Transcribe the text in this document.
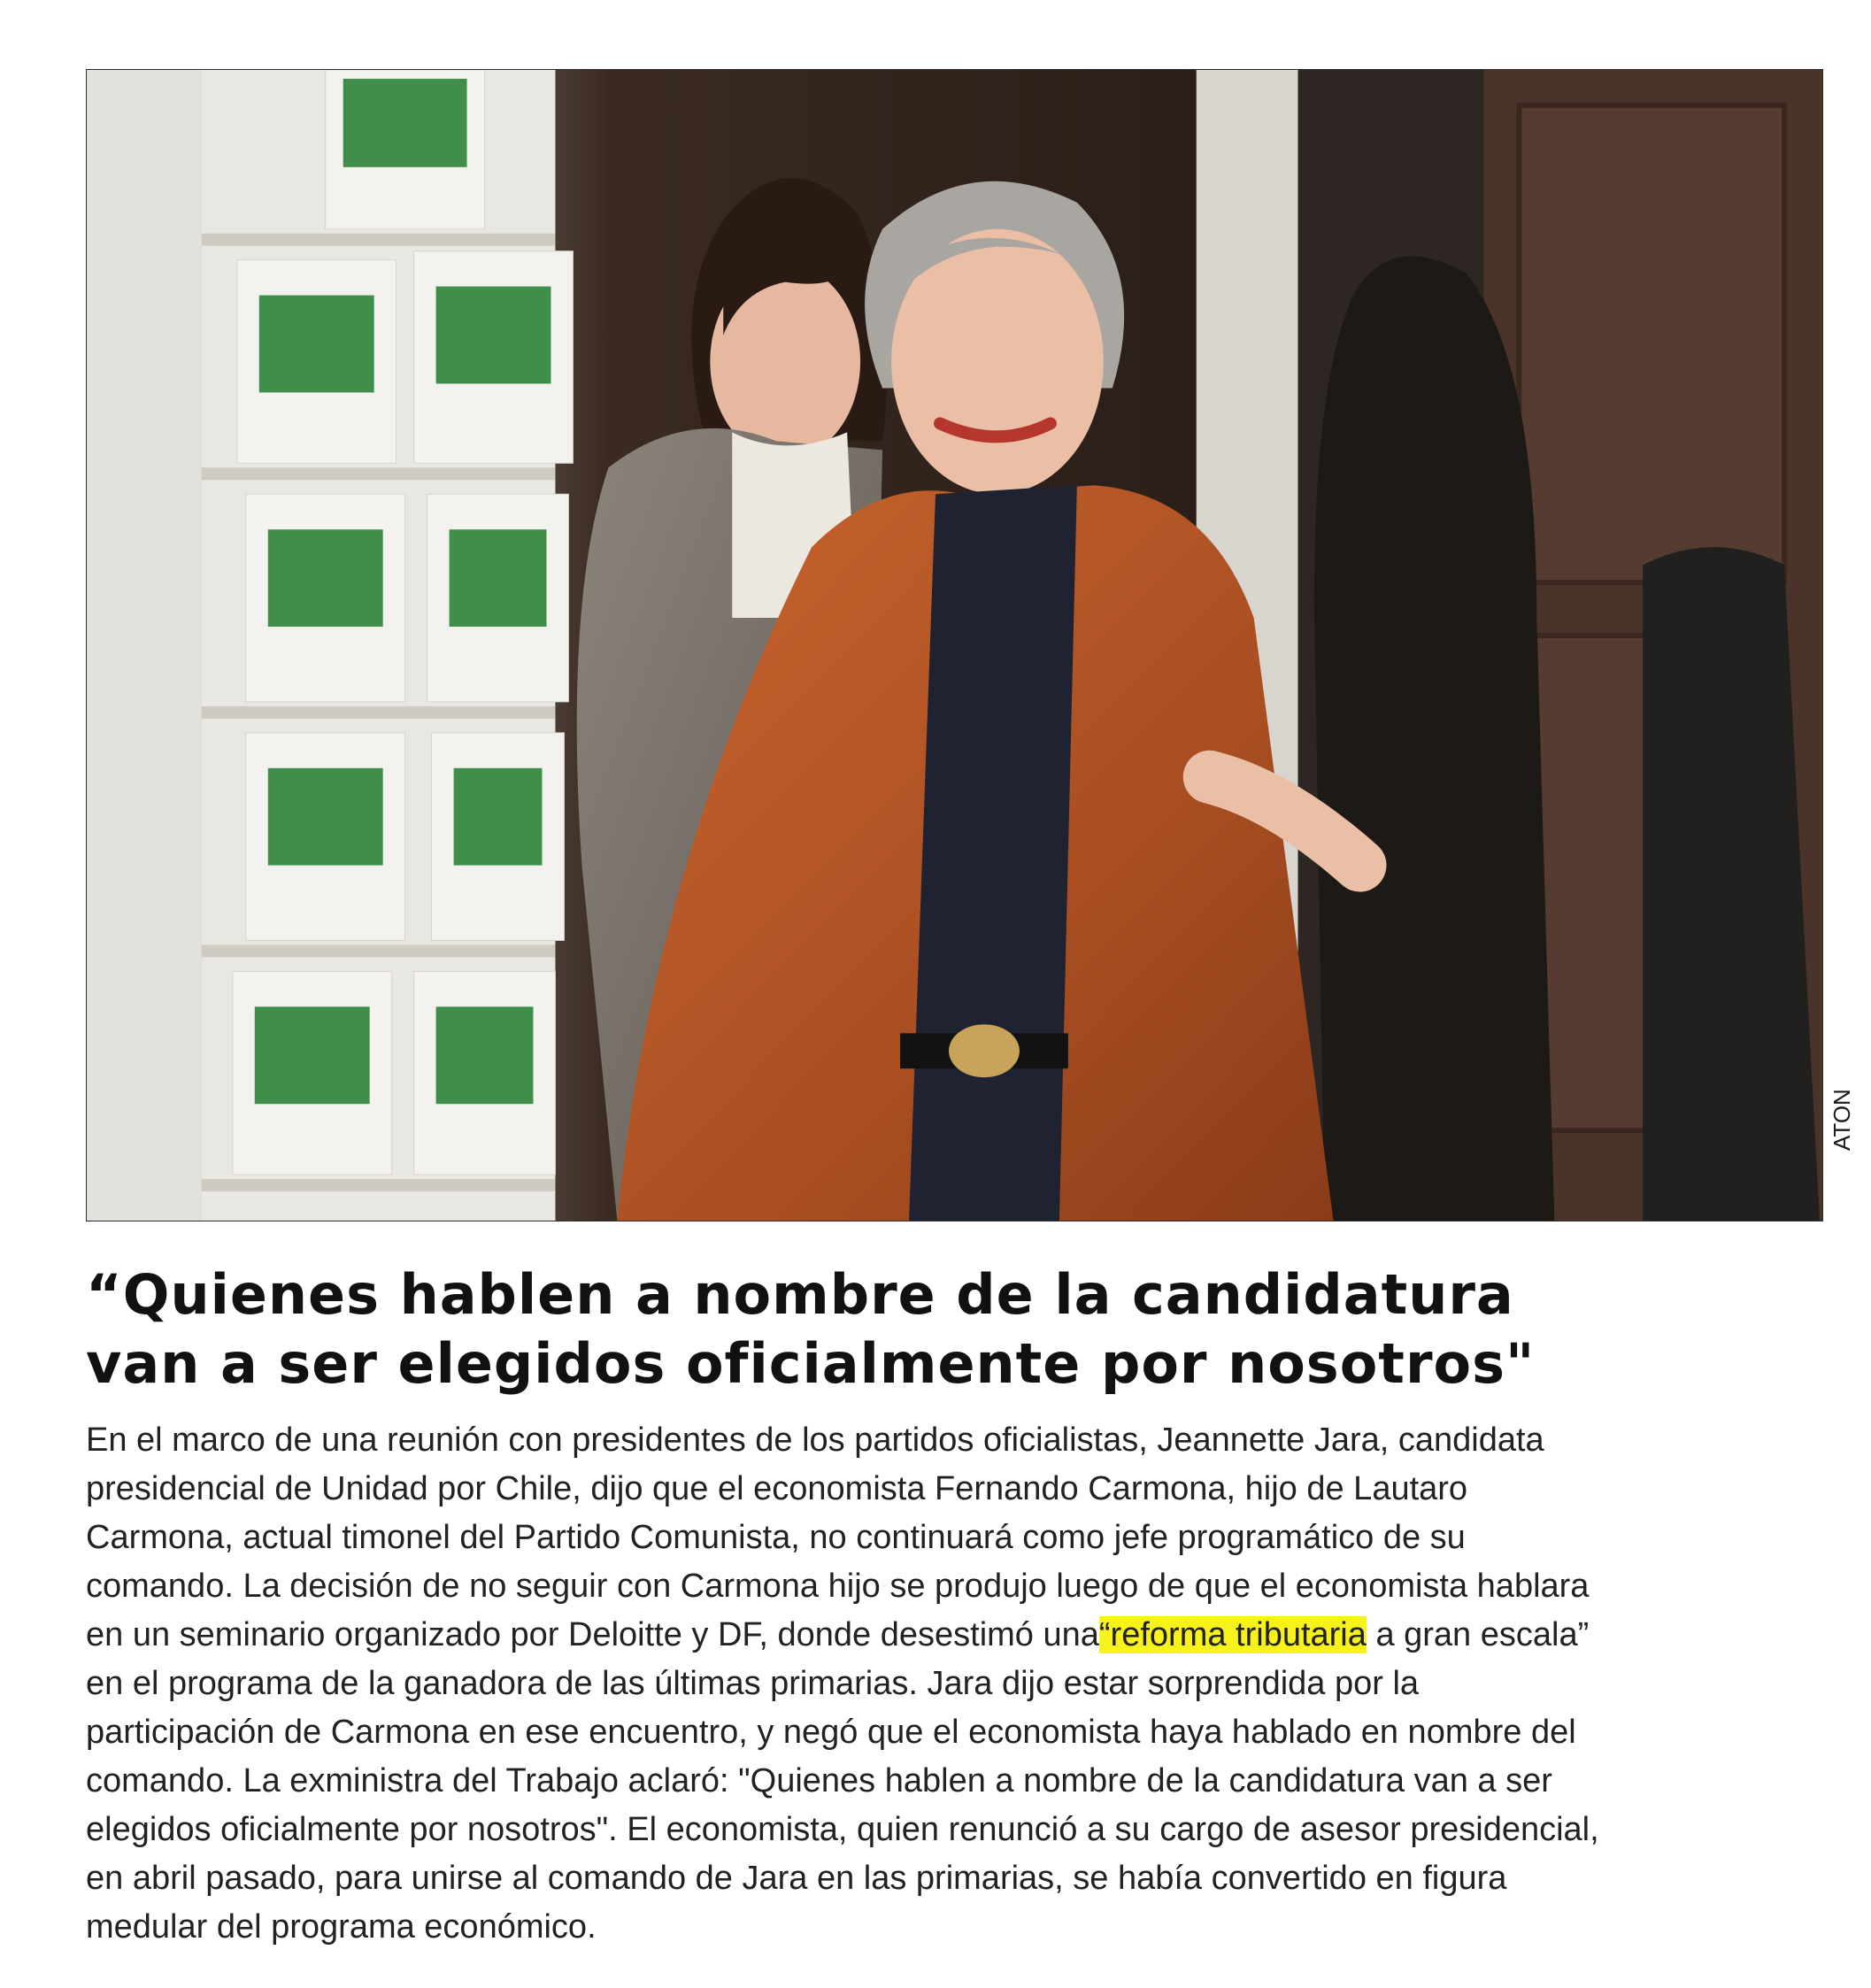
ATON
“Quienes hablen a nombre de la candidatura van a ser elegidos oficialmente por nosotros"

En el marco de una reunión con presidentes de los partidos oficialistas, Jeannette Jara, candidata presidencial de Unidad por Chile, dijo que el economista Fernando Carmona, hijo de Lautaro Carmona, actual timonel del Partido Comunista, no continuará como jefe programático de su comando. La decisión de no seguir con Carmona hijo se produjo luego de que el economista hablara en un seminario organizado por Deloitte y DF, donde desestimó una“reforma tributaria a gran escala” en el programa de la ganadora de las últimas primarias. Jara dijo estar sorprendida por la participación de Carmona en ese encuentro, y negó que el economista haya hablado en nombre del comando. La exministra del Trabajo aclaró: "Quienes hablen a nombre de la candidatura van a ser elegidos oficialmente por nosotros". El economista, quien renunció a su cargo de asesor presidencial, en abril pasado, para unirse al comando de Jara en las primarias, se había convertido en figura medular del programa económico.
